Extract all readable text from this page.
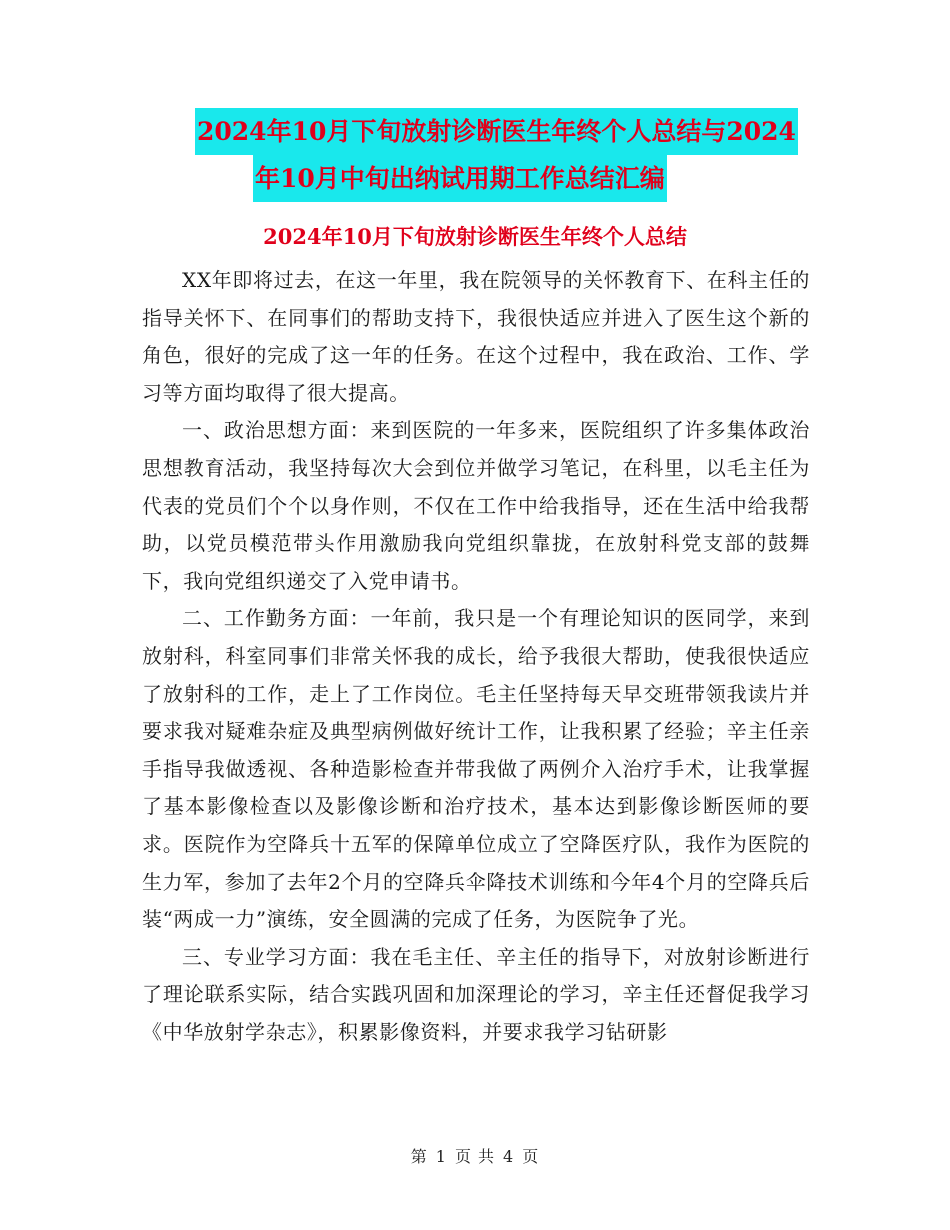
2024年10月下旬放射诊断医生年终个人总结与2024
年10月中旬出纳试用期工作总结汇编
2024年10月下旬放射诊断医生年终个人总结

XX年即将过去，在这一年里，我在院领导的关怀教育下、在科主任的指导关怀下、在同事们的帮助支持下，我很快适应并进入了医生这个新的角色，很好的完成了这一年的任务。在这个过程中，我在政治、工作、学习等方面均取得了很大提高。

一、政治思想方面：来到医院的一年多来，医院组织了许多集体政治思想教育活动，我坚持每次大会到位并做学习笔记，在科里，以毛主任为代表的党员们个个以身作则，不仅在工作中给我指导，还在生活中给我帮助，以党员模范带头作用激励我向党组织靠拢，在放射科党支部的鼓舞下，我向党组织递交了入党申请书。

二、工作勤务方面：一年前，我只是一个有理论知识的医同学，来到放射科，科室同事们非常关怀我的成长，给予我很大帮助，使我很快适应了放射科的工作，走上了工作岗位。毛主任坚持每天早交班带领我读片并要求我对疑难杂症及典型病例做好统计工作，让我积累了经验；辛主任亲手指导我做透视、各种造影检查并带我做了两例介入治疗手术，让我掌握了基本影像检查以及影像诊断和治疗技术，基本达到影像诊断医师的要求。医院作为空降兵十五军的保障单位成立了空降医疗队，我作为医院的生力军，参加了去年2个月的空降兵伞降技术训练和今年4个月的空降兵后装“两成一力”演练，安全圆满的完成了任务，为医院争了光。

三、专业学习方面：我在毛主任、辛主任的指导下，对放射诊断进行了理论联系实际，结合实践巩固和加深理论的学习，辛主任还督促我学习《中华放射学杂志》，积累影像资料，并要求我学习钻研影

第 1 页 共 4 页
